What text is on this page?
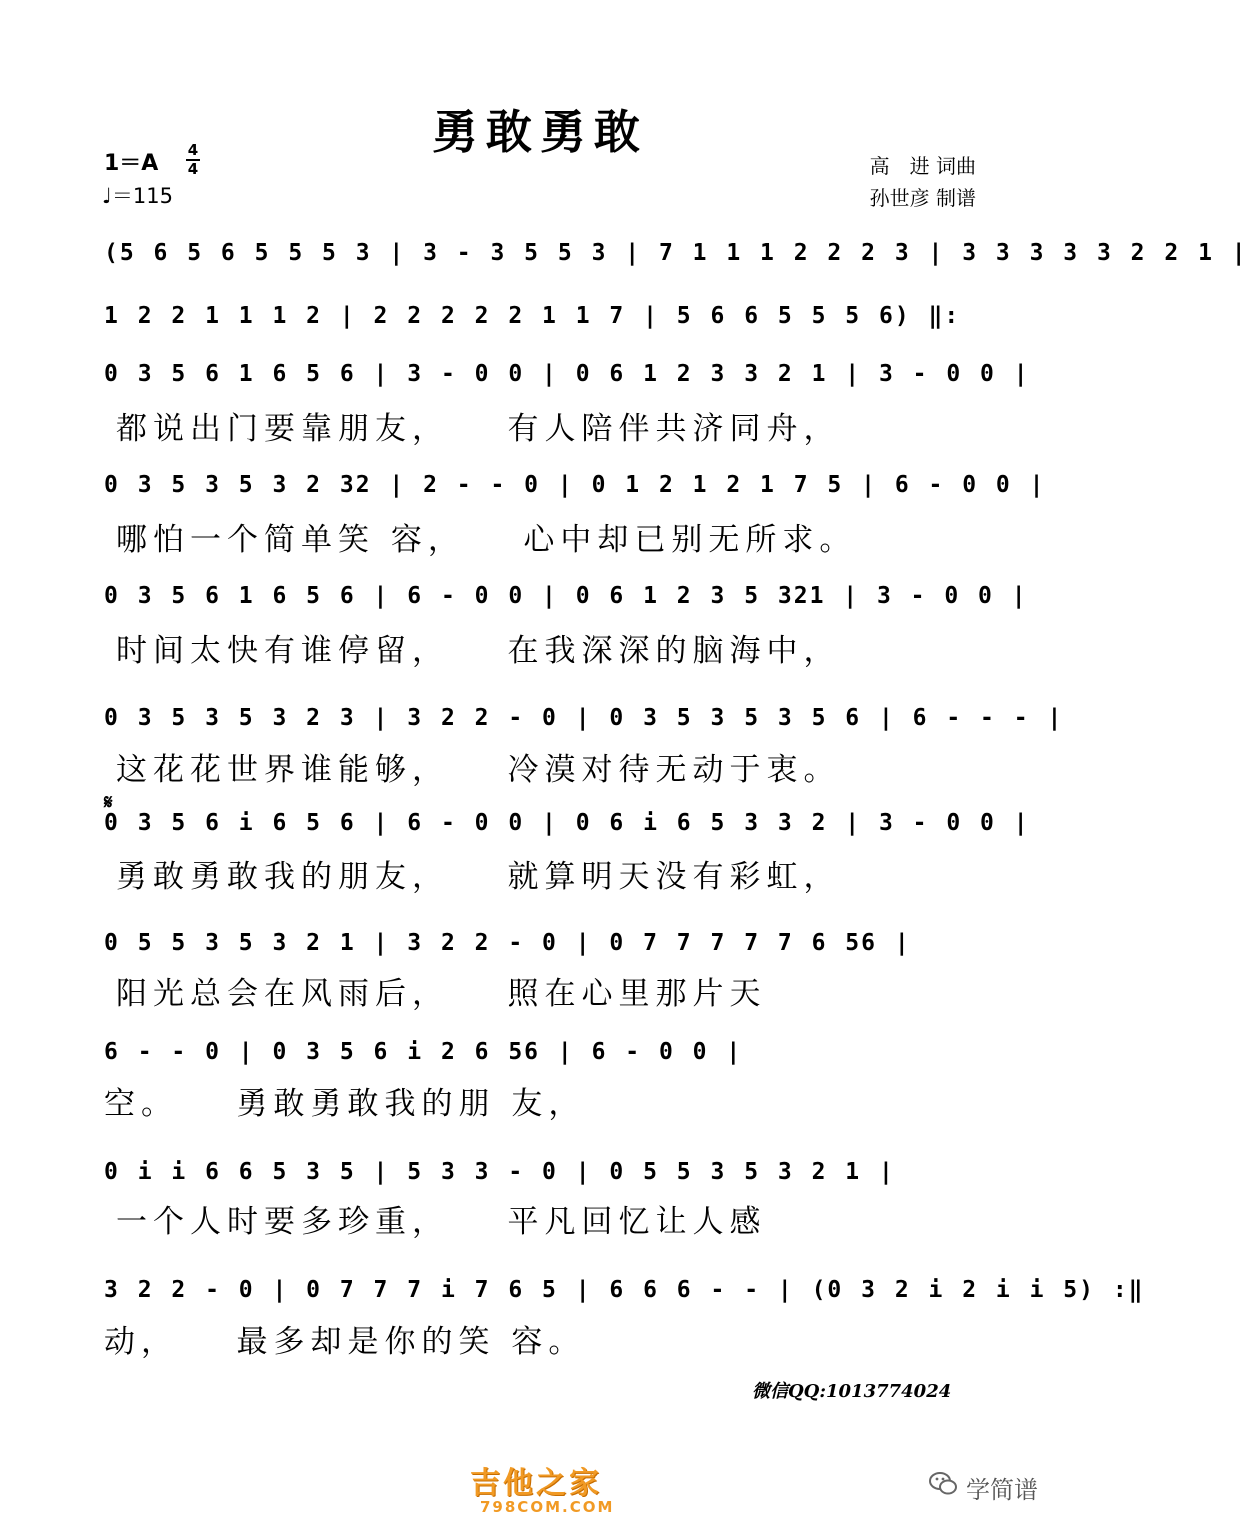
勇敢勇敢
1＝A
4
4
♩＝115
高　进 词曲
孙世彦 制谱
(5 6 5 6 5 5 5 3 | 3 - 3 5 5 3 | 7 1 1 1 2 2 2 3 | 3 3 3 3 3 2 2 1 |
1 2 2 1 1 1 2 | 2 2 2 2 2 1 1 7 | 5 6 6 5 5 5 6) ‖:
0 3 5 6 1 6 5 6 | 3 - 0 0 | 0 6 1 2 3 3 2 1 | 3 - 0 0 |
都说出门要靠朋友，　　有人陪伴共济同舟，
0 3 5 3 5 3 2 32 | 2 - - 0 | 0 1 2 1 2 1 7 5 | 6 - 0 0 |
哪怕一个简单笑 容，　　心中却已别无所求。
0 3 5 6 1 6 5 6 | 6 - 0 0 | 0 6 1 2 3 5 321 | 3 - 0 0 |
时间太快有谁停留，　　在我深深的脑海中，
0 3 5 3 5 3 2 3 | 3 2 2 - 0 | 0 3 5 3 5 3 5 6 | 6 - - - |
这花花世界谁能够，　　冷漠对待无动于衷。
𝄋
0 3 5 6 i 6 5 6 | 6 - 0 0 | 0 6 i 6 5 3 3 2 | 3 - 0 0 |
勇敢勇敢我的朋友，　　就算明天没有彩虹，
0 5 5 3 5 3 2 1 | 3 2 2 - 0 | 0 7 7 7 7 7 6 56 |
阳光总会在风雨后，　　照在心里那片天
6 - - 0 | 0 3 5 6 i 2 6 56 | 6 - 0 0 |
空。　　勇敢勇敢我的朋 友，
0 i i 6 6 5 3 5 | 5 3 3 - 0 | 0 5 5 3 5 3 2 1 |
一个人时要多珍重，　　平凡回忆让人感
3 2 2 - 0 | 0 7 7 7 i 7 6 5 | 6 6 6 - - | (0 3 2 i 2 i i 5) :‖
动，　　最多却是你的笑 容。
微信QQ:1013774024
吉他之家
798COM.COM
学简谱
